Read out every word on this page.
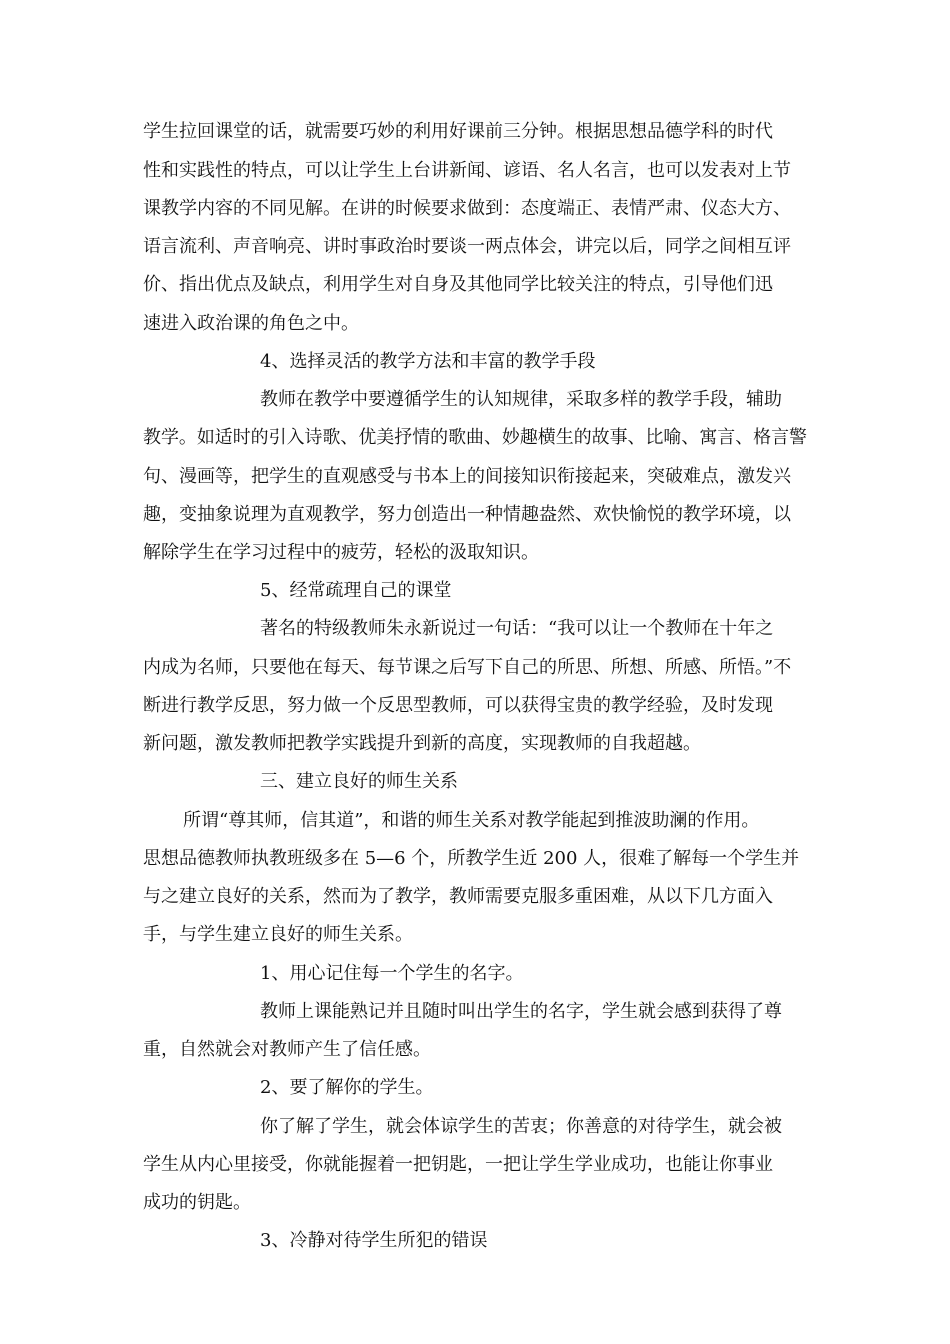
学生拉回课堂的话，就需要巧妙的利用好课前三分钟。根据思想品德学科的时代
性和实践性的特点，可以让学生上台讲新闻、谚语、名人名言，也可以发表对上节
课教学内容的不同见解。在讲的时候要求做到：态度端正、表情严肃、仪态大方、
语言流利、声音响亮、讲时事政治时要谈一两点体会，讲完以后，同学之间相互评
价、指出优点及缺点，利用学生对自身及其他同学比较关注的特点，引导他们迅
速进入政治课的角色之中。
4、选择灵活的教学方法和丰富的教学手段
教师在教学中要遵循学生的认知规律，采取多样的教学手段，辅助
教学。如适时的引入诗歌、优美抒情的歌曲、妙趣横生的故事、比喻、寓言、格言警
句、漫画等，把学生的直观感受与书本上的间接知识衔接起来，突破难点，激发兴
趣，变抽象说理为直观教学，努力创造出一种情趣盎然、欢快愉悦的教学环境，以
解除学生在学习过程中的疲劳，轻松的汲取知识。
5、经常疏理自己的课堂
著名的特级教师朱永新说过一句话：“我可以让一个教师在十年之
内成为名师，只要他在每天、每节课之后写下自己的所思、所想、所感、所悟。”不
断进行教学反思，努力做一个反思型教师，可以获得宝贵的教学经验，及时发现
新问题，激发教师把教学实践提升到新的高度，实现教师的自我超越。
三、建立良好的师生关系
所谓“尊其师，信其道”，和谐的师生关系对教学能起到推波助澜的作用。
思想品德教师执教班级多在 5—6 个，所教学生近 200 人，很难了解每一个学生并
与之建立良好的关系，然而为了教学，教师需要克服多重困难，从以下几方面入
手，与学生建立良好的师生关系。
1、用心记住每一个学生的名字。
教师上课能熟记并且随时叫出学生的名字，学生就会感到获得了尊
重，自然就会对教师产生了信任感。
2、要了解你的学生。
你了解了学生，就会体谅学生的苦衷；你善意的对待学生，就会被
学生从内心里接受，你就能握着一把钥匙，一把让学生学业成功，也能让你事业
成功的钥匙。
3、冷静对待学生所犯的错误
